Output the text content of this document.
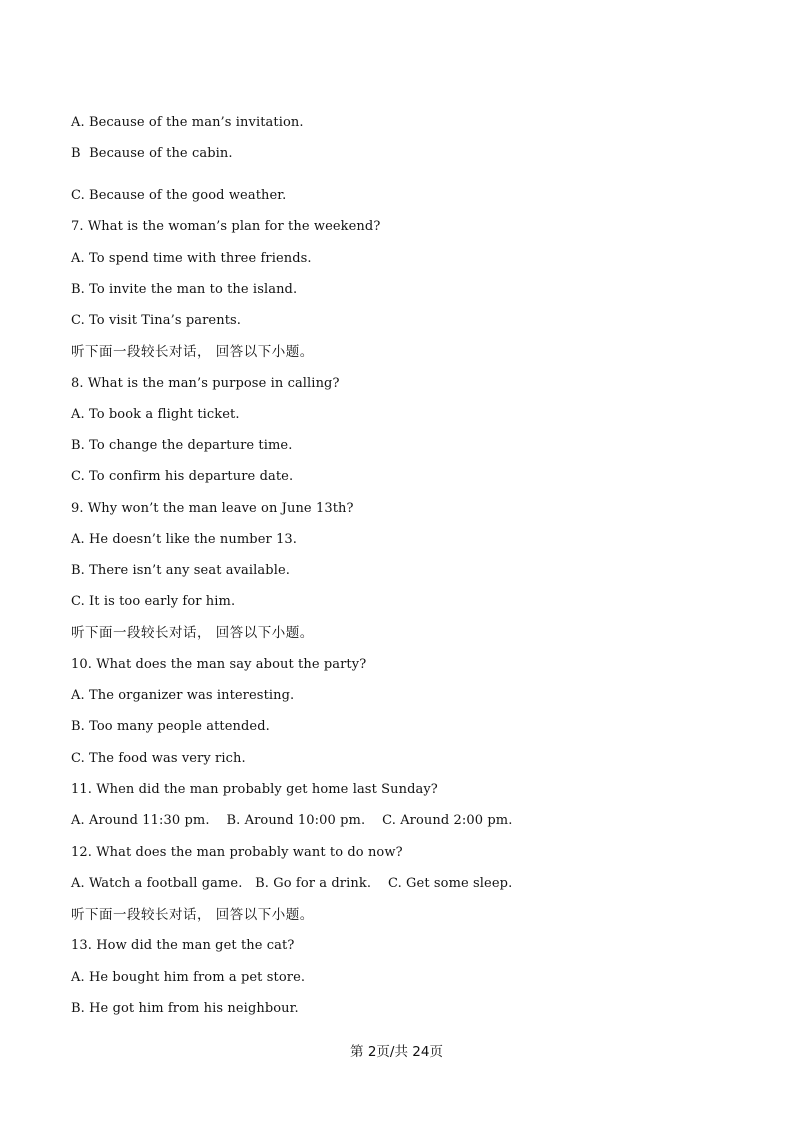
A. Because of the man’s invitation.
B  Because of the cabin.
C. Because of the good weather.
7. What is the woman’s plan for the weekend?
A. To spend time with three friends.
B. To invite the man to the island.
C. To visit Tina’s parents.
听下面一段较长对话， 回答以下小题。
8. What is the man’s purpose in calling?
A. To book a flight ticket.
B. To change the departure time.
C. To confirm his departure date.
9. Why won’t the man leave on June 13th?
A. He doesn’t like the number 13.
B. There isn’t any seat available.
C. It is too early for him.
听下面一段较长对话， 回答以下小题。
10. What does the man say about the party?
A. The organizer was interesting.
B. Too many people attended.
C. The food was very rich.
11. When did the man probably get home last Sunday?
A. Around 11:30 pm.    B. Around 10:00 pm.    C. Around 2:00 pm.
12. What does the man probably want to do now?
A. Watch a football game.   B. Go for a drink.    C. Get some sleep.
听下面一段较长对话， 回答以下小题。
13. How did the man get the cat?
A. He bought him from a pet store.
B. He got him from his neighbour.
第 2页/共 24页
